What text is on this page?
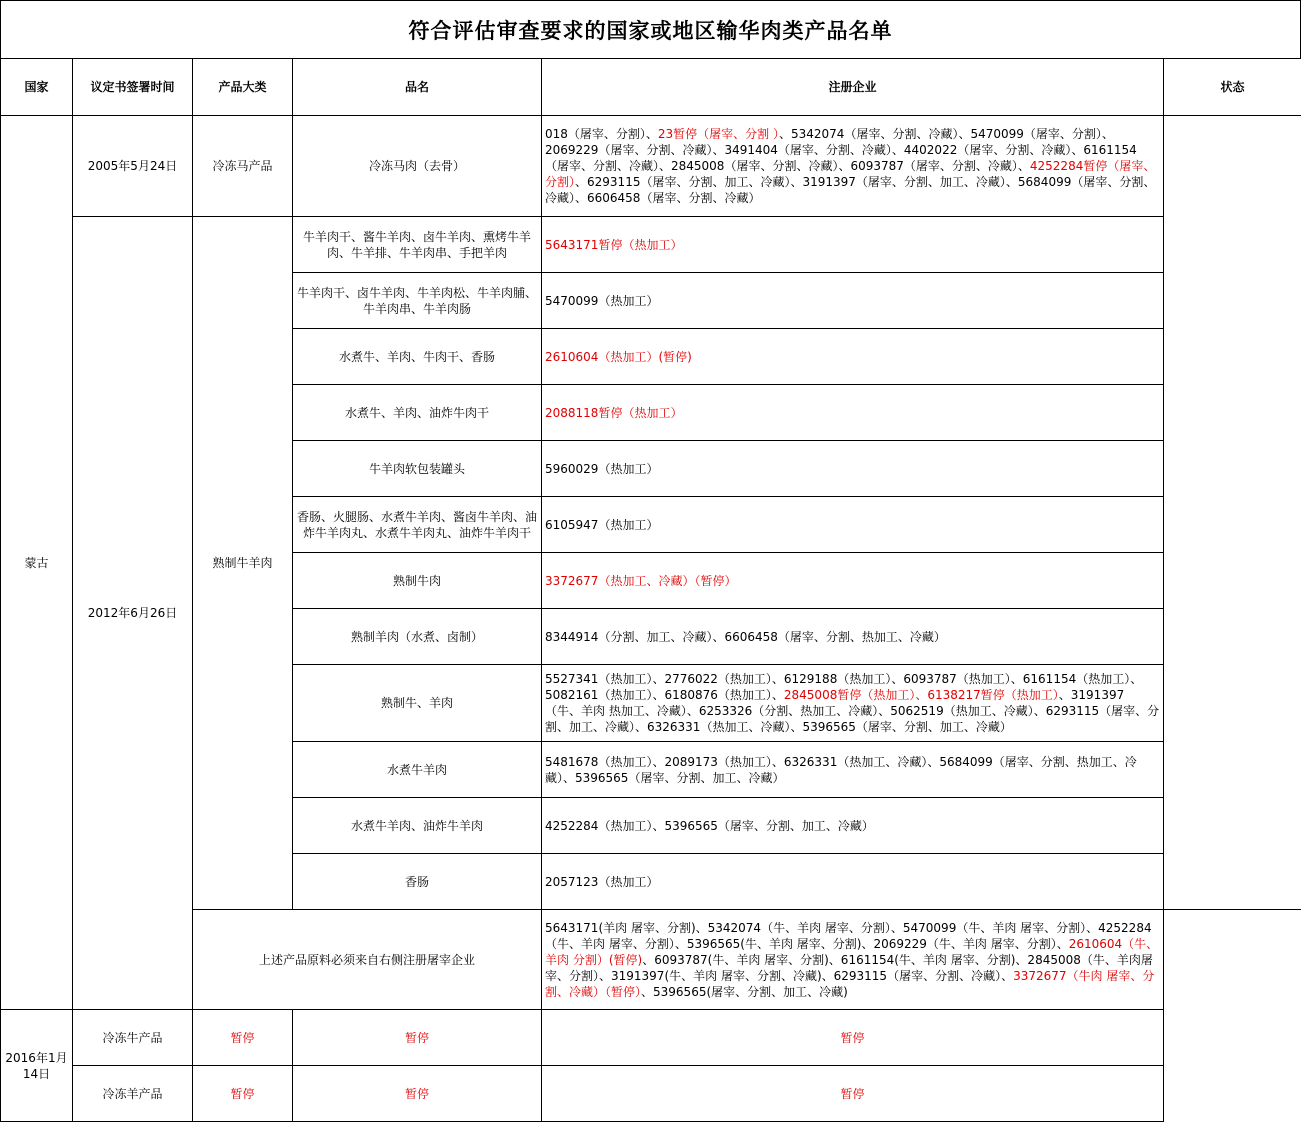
符合评估审查要求的国家或地区输华肉类产品名单
国家	议定书签署时间	产品大类	品名	注册企业	状态
蒙古	2005年5月24日	冷冻马产品	冷冻马肉（去骨）	018（屠宰、分割）、23暂停（屠宰、分割 ）、5342074（屠宰、分割、冷藏）、5470099（屠宰、分割）、2069229（屠宰、分割、冷藏）、3491404（屠宰、分割、冷藏）、4402022（屠宰、分割、冷藏）、6161154（屠宰、分割、冷藏）、2845008（屠宰、分割、冷藏）、6093787（屠宰、分割、冷藏）、4252284暂停（屠宰、分割）、6293115（屠宰、分割、加工、冷藏）、3191397（屠宰、分割、加工、冷藏）、5684099（屠宰、分割、冷藏）、6606458（屠宰、分割、冷藏）	
	2012年6月26日	熟制牛羊肉	牛羊肉干、酱牛羊肉、卤牛羊肉、熏烤牛羊肉、牛羊排、牛羊肉串、手把羊肉	5643171暂停（热加工）	
			牛羊肉干、卤牛羊肉、牛羊肉松、牛羊肉脯、牛羊肉串、牛羊肉肠	5470099（热加工）	
			水煮牛、羊肉、牛肉干、香肠	2610604（热加工）(暂停)	
			水煮牛、羊肉、油炸牛肉干	2088118暂停（热加工）	
			牛羊肉软包装罐头	5960029（热加工）	
			香肠、火腿肠、水煮牛羊肉、酱卤牛羊肉、油炸牛羊肉丸、水煮牛羊肉丸、油炸牛羊肉干	6105947（热加工）	
			熟制牛肉	3372677（热加工、冷藏）（暂停）	
			熟制羊肉（水煮、卤制）	8344914（分割、加工、冷藏）、6606458（屠宰、分割、热加工、冷藏）	
			熟制牛、羊肉	5527341（热加工）、2776022（热加工）、6129188（热加工）、6093787（热加工）、6161154（热加工）、5082161（热加工）、6180876（热加工）、2845008暂停（热加工）、6138217暂停（热加工）、3191397（牛、羊肉 热加工、冷藏）、6253326（分割、热加工、冷藏）、5062519（热加工、冷藏）、6293115（屠宰、分割、加工、冷藏）、6326331（热加工、冷藏）、5396565（屠宰、分割、加工、冷藏）	
			水煮牛羊肉	5481678（热加工）、2089173（热加工）、6326331（热加工、冷藏）、5684099（屠宰、分割、热加工、冷藏）、5396565（屠宰、分割、加工、冷藏）	
			水煮牛羊肉、油炸牛羊肉	4252284（热加工）、5396565（屠宰、分割、加工、冷藏）	
			香肠	2057123（热加工）	
		上述产品原料必须来自右侧注册屠宰企业		5643171(羊肉 屠宰、分割)、5342074（牛、羊肉 屠宰、分割）、5470099（牛、羊肉 屠宰、分割）、4252284（牛、羊肉 屠宰、分割）、5396565(牛、羊肉 屠宰、分割)、2069229（牛、羊肉 屠宰、分割）、2610604（牛、羊肉 分割）(暂停)、6093787(牛、羊肉 屠宰、分割)、6161154(牛、羊肉 屠宰、分割)、2845008（牛、羊肉屠宰、分割）、3191397(牛、羊肉 屠宰、分割、冷藏)、6293115（屠宰、分割、冷藏）、3372677（牛肉 屠宰、分割、冷藏）（暂停）、5396565(屠宰、分割、加工、冷藏)	
2016年1月14日	冷冻牛产品	暂停	暂停	暂停	
	冷冻羊产品	暂停	暂停	暂停	
